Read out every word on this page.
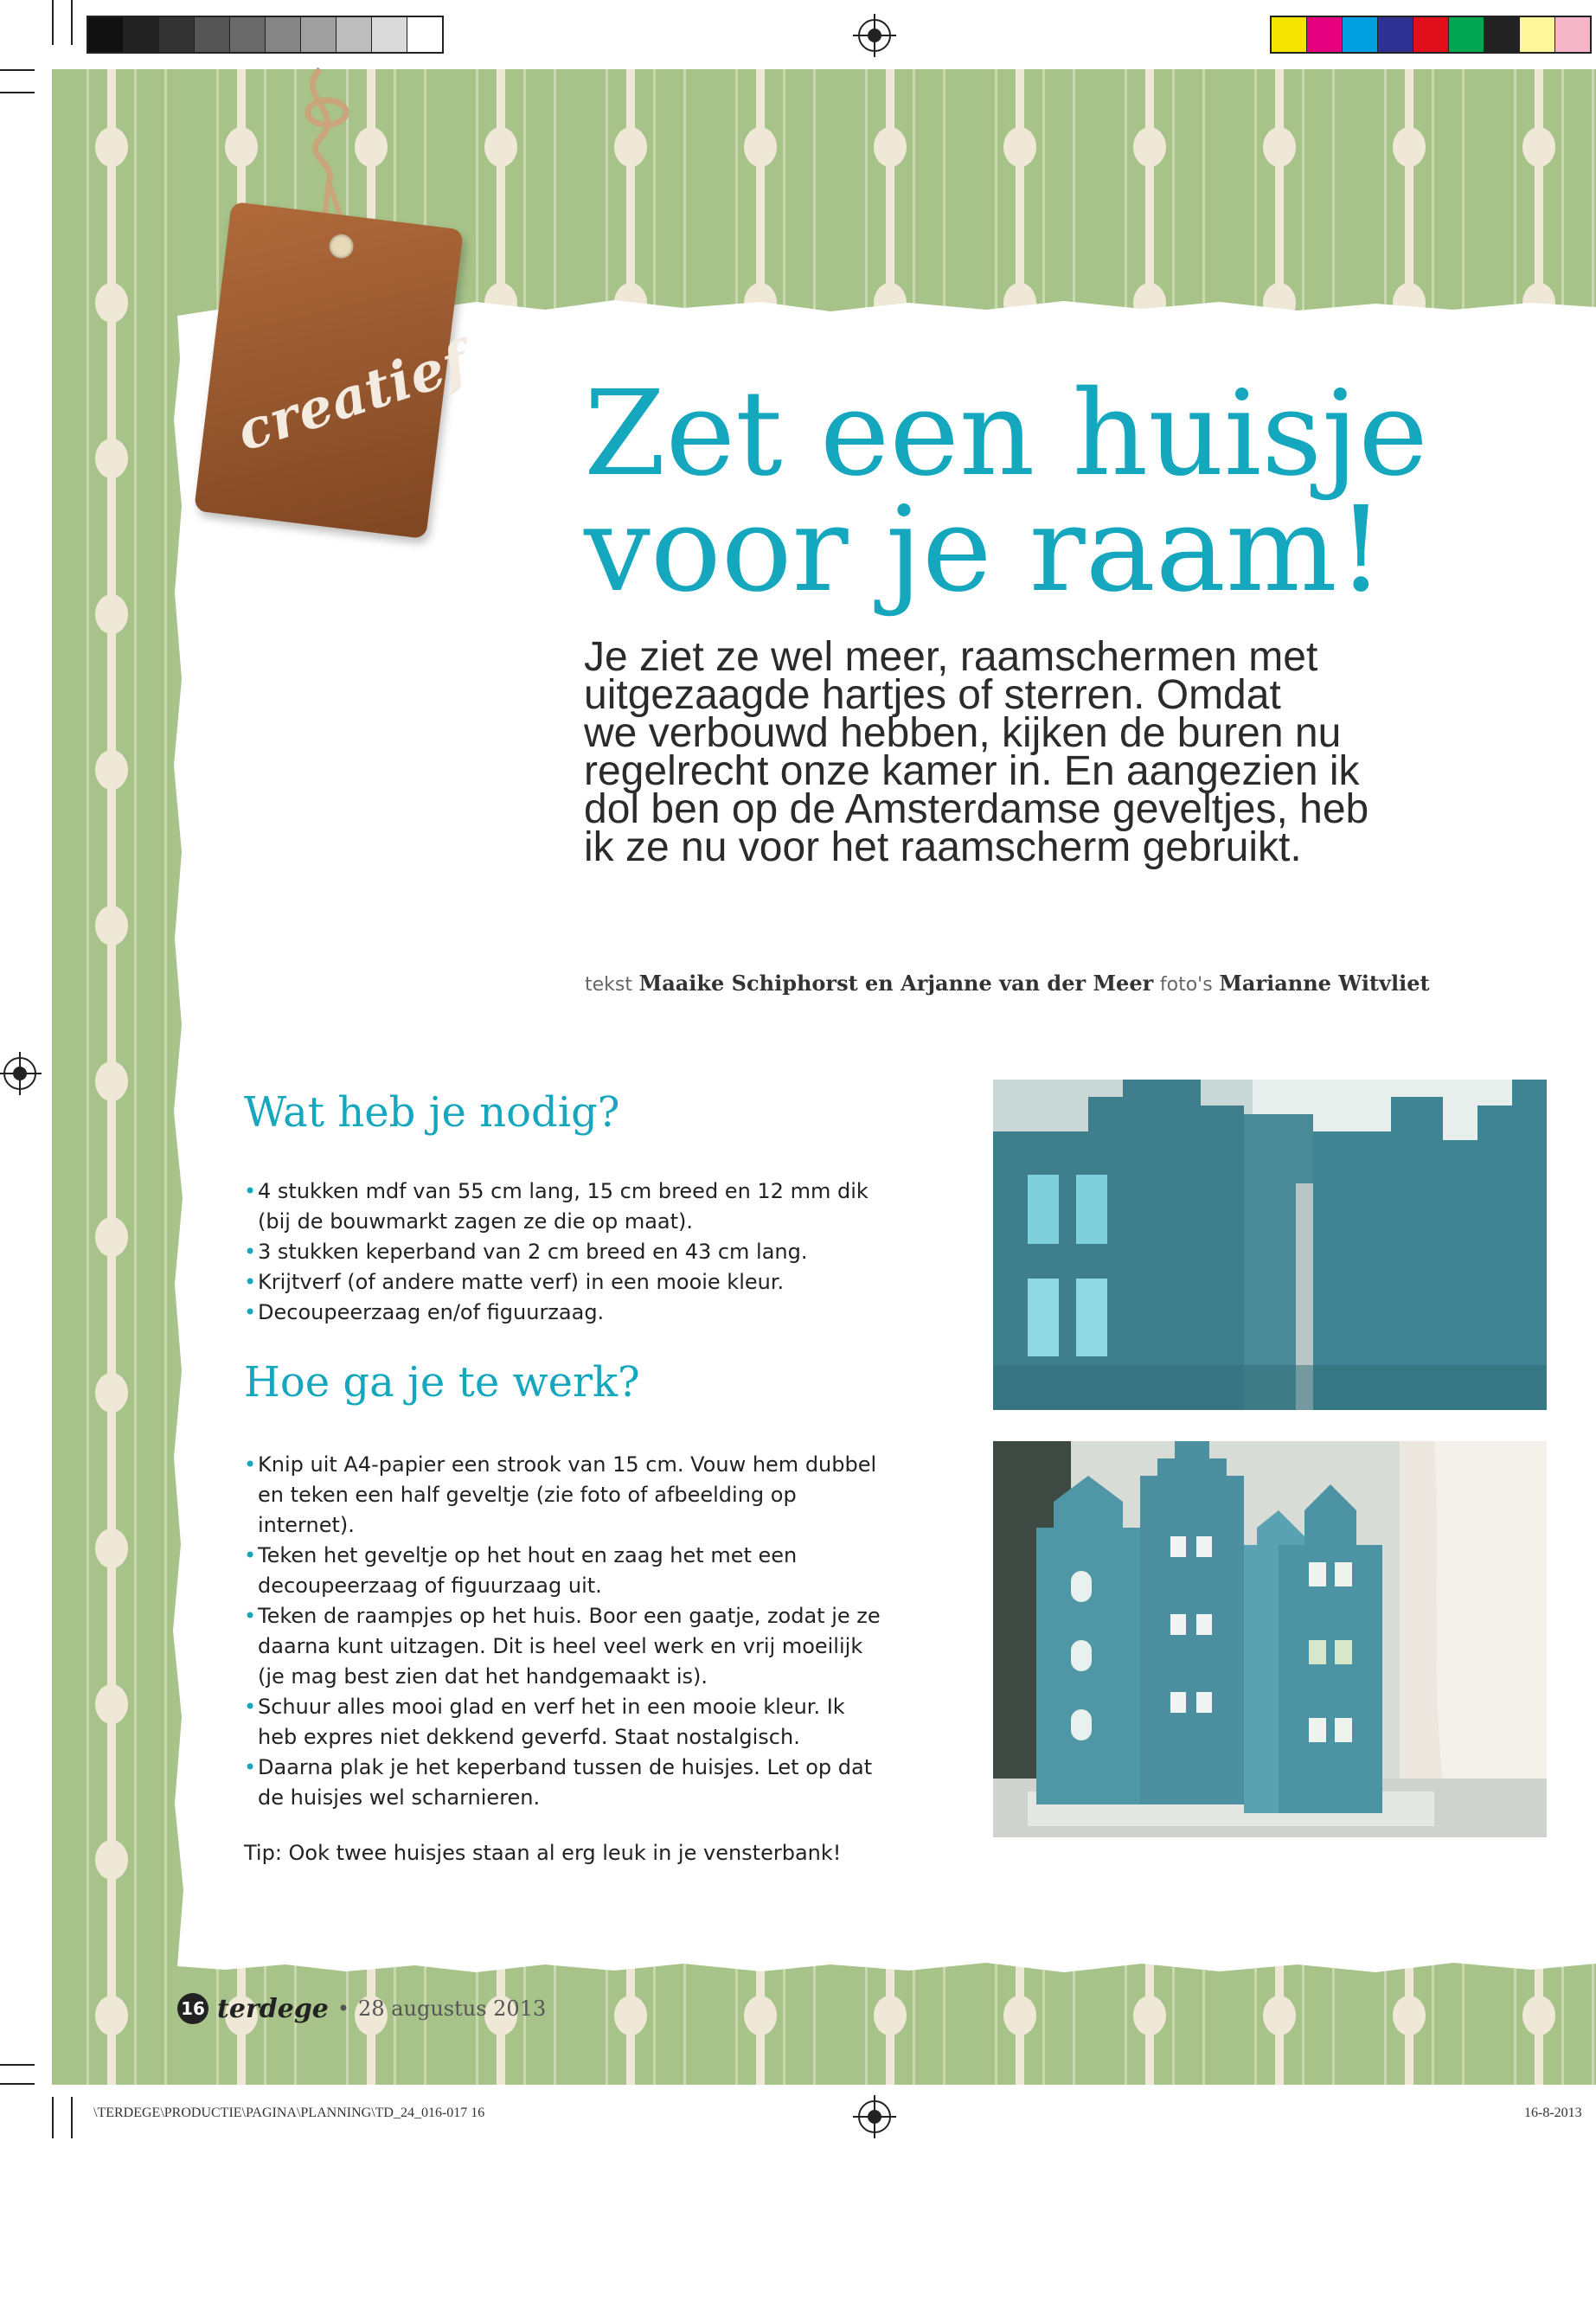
creatief Zet een huisje
voor je raam!
Je ziet ze wel meer, raamschermen met
uitgezaagde hartjes of sterren. Omdat
we verbouwd hebben, kijken de buren nu
regelrecht onze kamer in. En aangezien ik
dol ben op de Amsterdamse geveltjes, heb
ik ze nu voor het raamscherm gebruikt.
tekst Maaike Schiphorst en Arjanne van der Meer foto's Marianne Witvliet
Wat heb je nodig?
• 4 stukken mdf van 55 cm lang, 15 cm breed en 12 mm dik (bij de bouwmarkt zagen ze die op maat).
• 3 stukken keperband van 2 cm breed en 43 cm lang.
• Krijtverf (of andere matte verf) in een mooie kleur.
• Decoupeerzaag en/of figuurzaag.
Hoe ga je te werk?
• Knip uit A4-papier een strook van 15 cm. Vouw hem dubbel en teken een half geveltje (zie foto of afbeelding op internet).
• Teken het geveltje op het hout en zaag het met een decoupeerzaag of figuurzaag uit.
• Teken de raampjes op het huis. Boor een gaatje, zodat je ze daarna kunt uitzagen. Dit is heel veel werk en vrij moeilijk (je mag best zien dat het handgemaakt is).
• Schuur alles mooi glad en verf het in een mooie kleur. Ik heb expres niet dekkend geverfd. Staat nostalgisch.
• Daarna plak je het keperband tussen de huisjes. Let op dat de huisjes wel scharnieren.
Tip: Ook twee huisjes staan al erg leuk in je vensterbank!
16 terdege • 28 augustus 2013
\TERDEGE\PRODUCTIE\PAGINA\PLANNING\TD_24_016-017 16	16-8-2013
